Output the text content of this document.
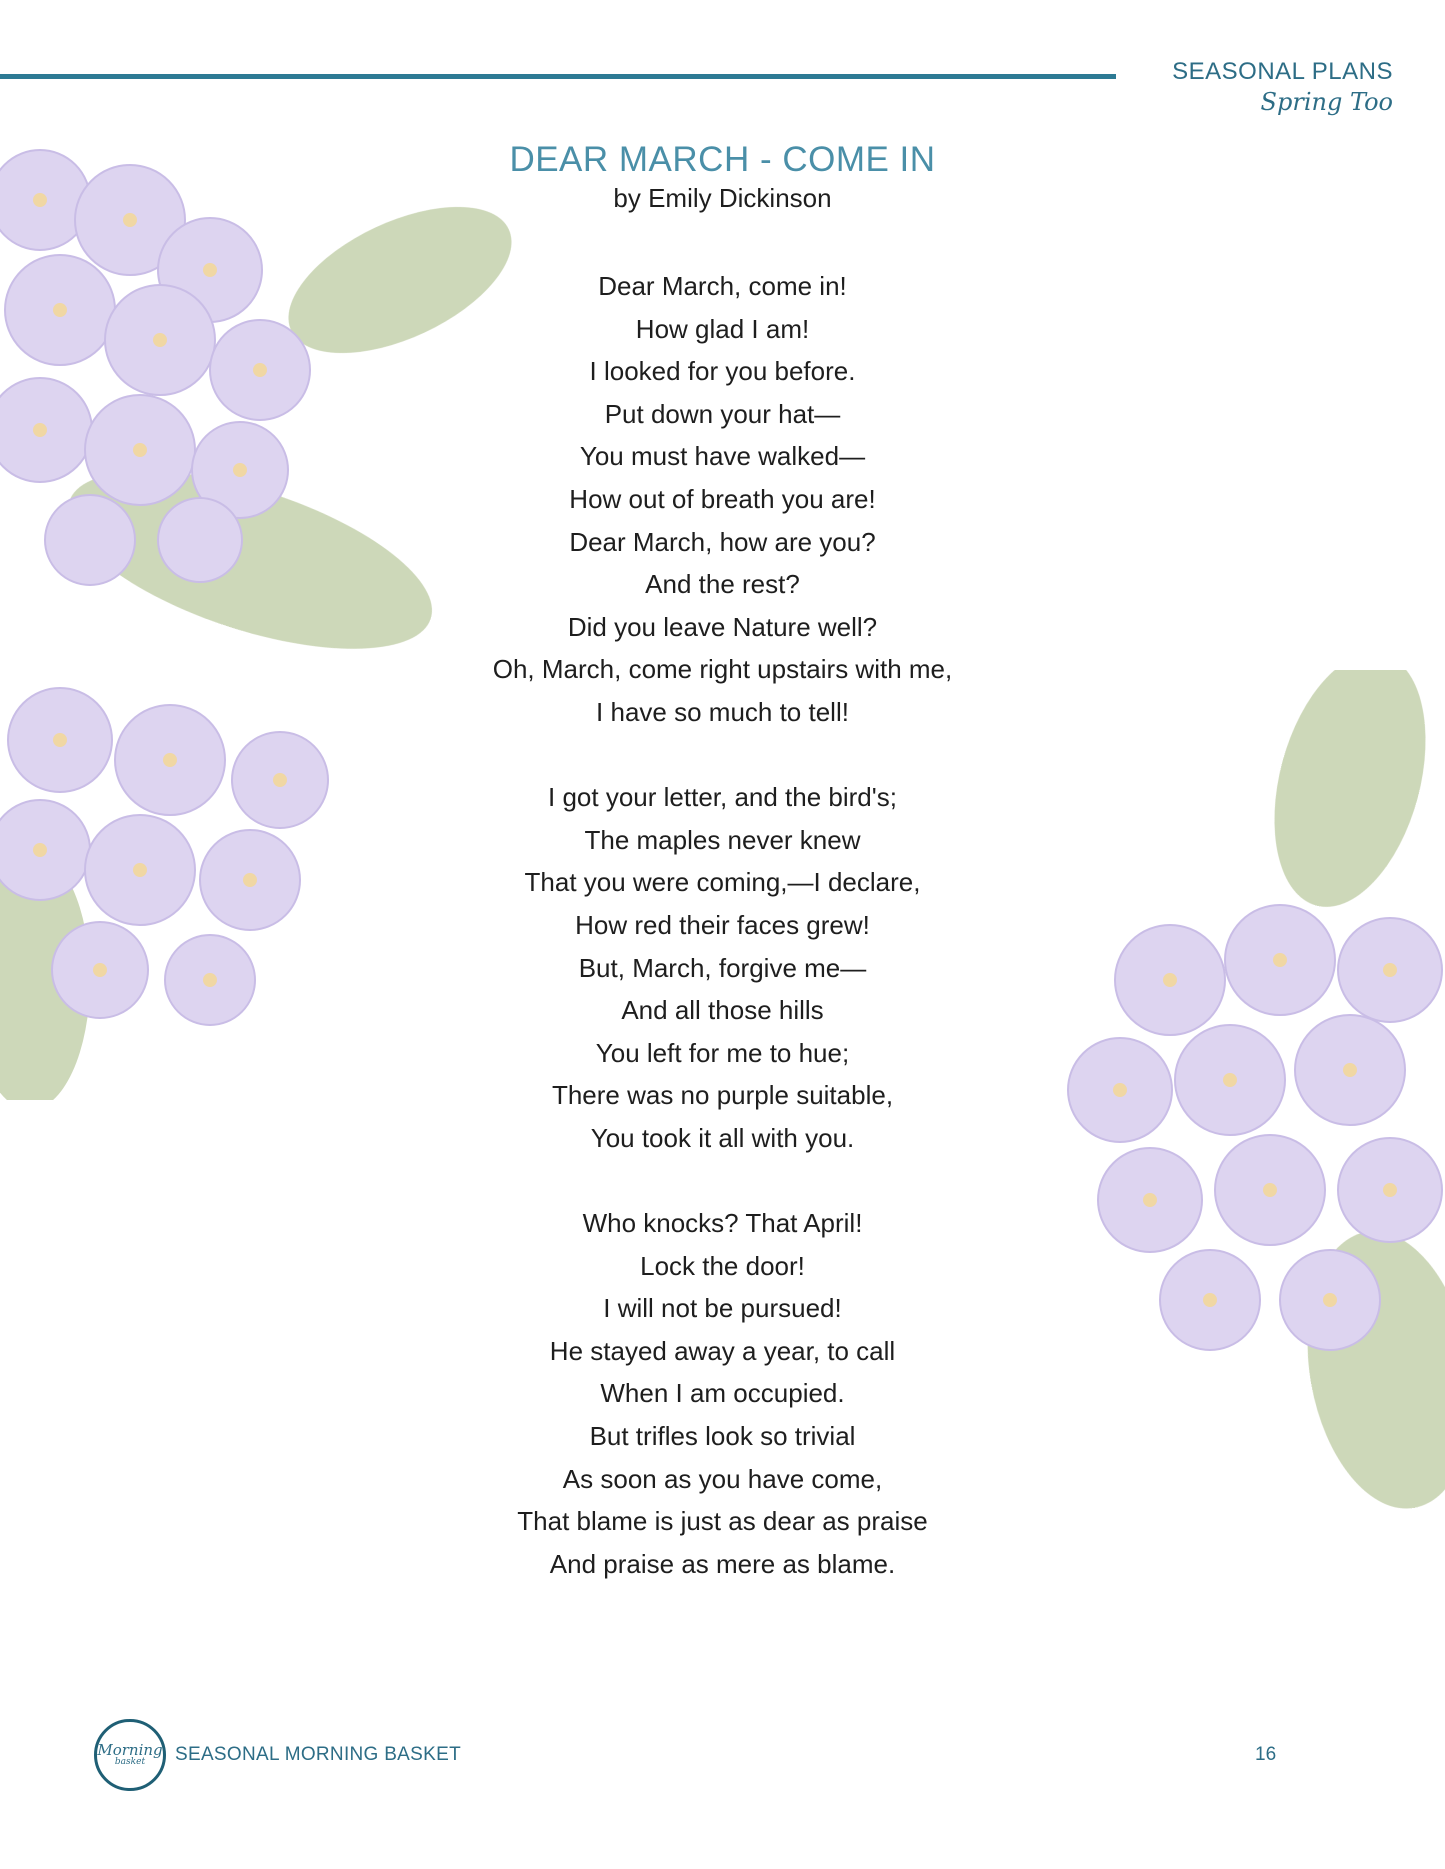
SEASONAL PLANS
Spring Too
DEAR MARCH - COME IN
by Emily Dickinson
Dear March, come in!
How glad I am!
I looked for you before.
Put down your hat—
You must have walked—
How out of breath you are!
Dear March, how are you?
And the rest?
Did you leave Nature well?
Oh, March, come right upstairs with me,
I have so much to tell!
I got your letter, and the bird's;
The maples never knew
That you were coming,—I declare,
How red their faces grew!
But, March, forgive me—
And all those hills
You left for me to hue;
There was no purple suitable,
You took it all with you.
Who knocks? That April!
Lock the door!
I will not be pursued!
He stayed away a year, to call
When I am occupied.
But trifles look so trivial
As soon as you have come,
That blame is just as dear as praise
And praise as mere as blame.
Morning
basket SEASONAL MORNING BASKET	16
